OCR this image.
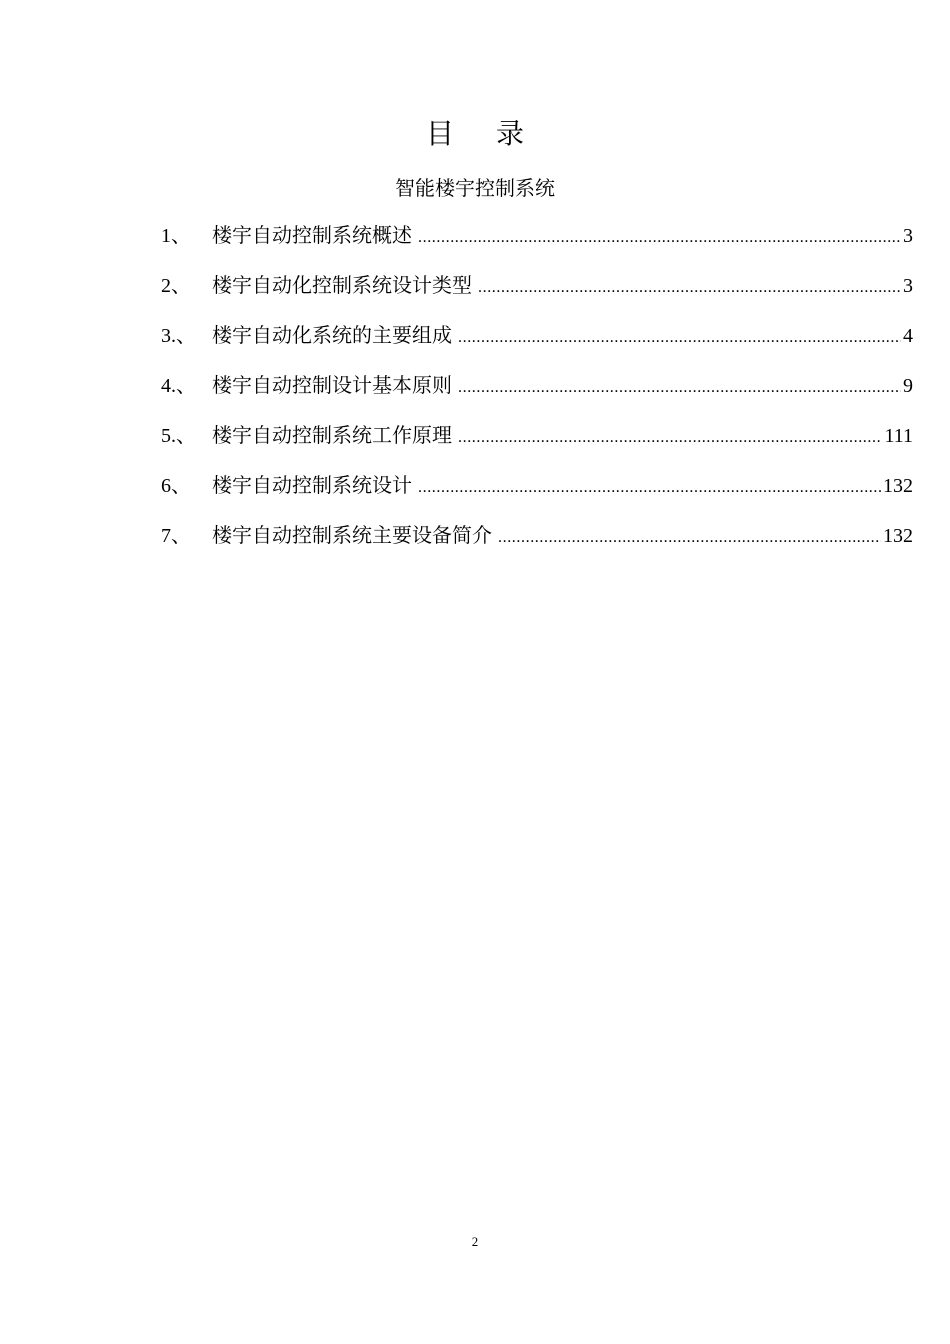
目      录
智能楼宇控制系统
1、	楼宇自动控制系统概述 .....	3
2、	楼宇自动化控制系统设计类型 .....	3
3.、 楼宇自动化系统的主要组成 .....	4
4.、 楼宇自动控制设计基本原则 .....	9
5.、 楼宇自动控制系统工作原理 .....	111
6、	楼宇自动控制系统设计 .....	132
7、	楼宇自动控制系统主要设备简介 .....	132
2
